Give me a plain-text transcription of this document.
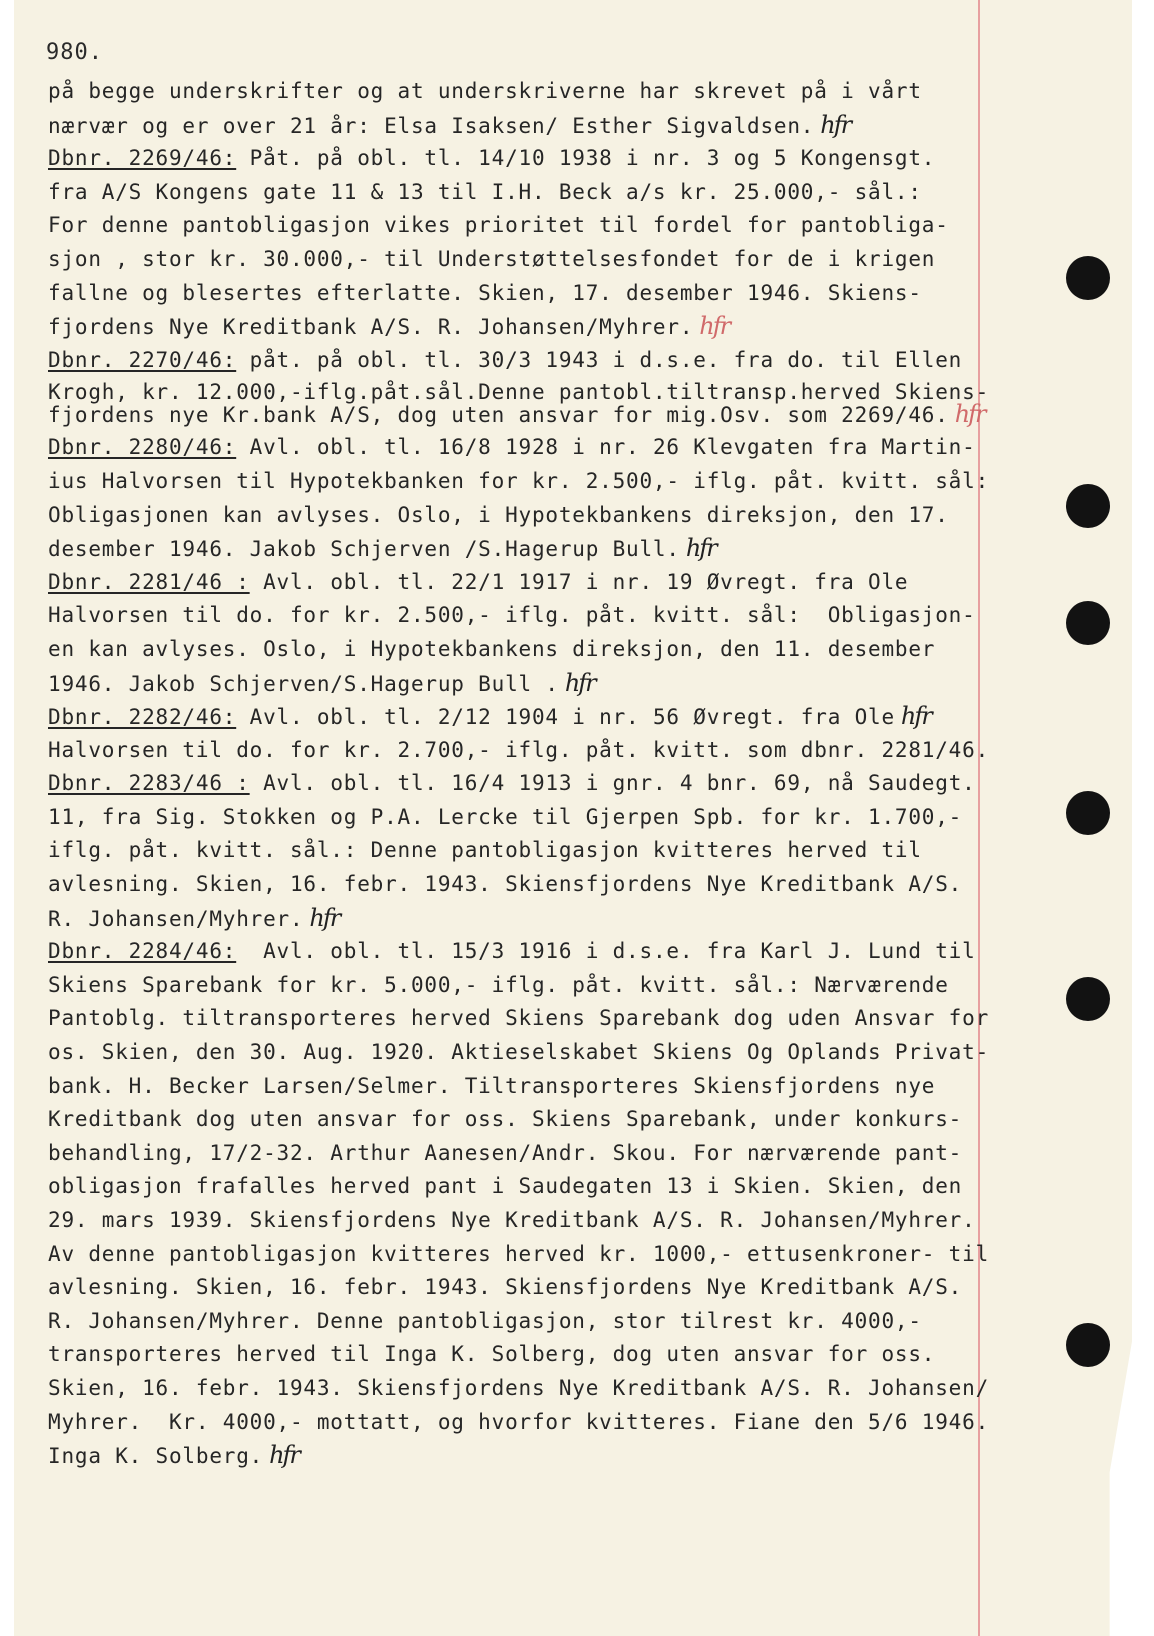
980.
på begge underskrifter og at underskriverne har skrevet på i vårt
nærvær og er over 21 år: Elsa Isaksen/ Esther Sigvaldsen. hfr
Dbnr. 2269/46: Påt. på obl. tl. 14/10 1938 i nr. 3 og 5 Kongensgt.
fra A/S Kongens gate 11 & 13 til I.H. Beck a/s kr. 25.000,- sål.:
For denne pantobligasjon vikes prioritet til fordel for pantobliga-
sjon , stor kr. 30.000,- til Understøttelsesfondet for de i krigen
fallne og blesertes efterlatte. Skien, 17. desember 1946. Skiens-
fjordens Nye Kreditbank A/S. R. Johansen/Myhrer. hfr
Dbnr. 2270/46: påt. på obl. tl. 30/3 1943 i d.s.e. fra do. til Ellen
Krogh, kr. 12.000,-iflg.påt.sål.Denne pantobl.tiltransp.herved Skiens-
fjordens nye Kr.bank A/S, dog uten ansvar for mig.Osv. som 2269/46. hfr
Dbnr. 2280/46: Avl. obl. tl. 16/8 1928 i nr. 26 Klevgaten fra Martin-
ius Halvorsen til Hypotekbanken for kr. 2.500,- iflg. påt. kvitt. sål:
Obligasjonen kan avlyses. Oslo, i Hypotekbankens direksjon, den 17.
desember 1946. Jakob Schjerven /S.Hagerup Bull. hfr
Dbnr. 2281/46 : Avl. obl. tl. 22/1 1917 i nr. 19 Øvregt. fra Ole
Halvorsen til do. for kr. 2.500,- iflg. påt. kvitt. sål:  Obligasjon-
en kan avlyses. Oslo, i Hypotekbankens direksjon, den 11. desember
1946. Jakob Schjerven/S.Hagerup Bull . hfr
Dbnr. 2282/46: Avl. obl. tl. 2/12 1904 i nr. 56 Øvregt. fra Ole hfr
Halvorsen til do. for kr. 2.700,- iflg. påt. kvitt. som dbnr. 2281/46.
Dbnr. 2283/46 : Avl. obl. tl. 16/4 1913 i gnr. 4 bnr. 69, nå Saudegt.
11, fra Sig. Stokken og P.A. Lercke til Gjerpen Spb. for kr. 1.700,-
iflg. påt. kvitt. sål.: Denne pantobligasjon kvitteres herved til
avlesning. Skien, 16. febr. 1943. Skiensfjordens Nye Kreditbank A/S.
R. Johansen/Myhrer. hfr
Dbnr. 2284/46:  Avl. obl. tl. 15/3 1916 i d.s.e. fra Karl J. Lund til
Skiens Sparebank for kr. 5.000,- iflg. påt. kvitt. sål.: Nærværende
Pantoblg. tiltransporteres herved Skiens Sparebank dog uden Ansvar for
os. Skien, den 30. Aug. 1920. Aktieselskabet Skiens Og Oplands Privat-
bank. H. Becker Larsen/Selmer. Tiltransporteres Skiensfjordens nye
Kreditbank dog uten ansvar for oss. Skiens Sparebank, under konkurs-
behandling, 17/2-32. Arthur Aanesen/Andr. Skou. For nærværende pant-
obligasjon frafalles herved pant i Saudegaten 13 i Skien. Skien, den
29. mars 1939. Skiensfjordens Nye Kreditbank A/S. R. Johansen/Myhrer.
Av denne pantobligasjon kvitteres herved kr. 1000,- ettusenkroner- til
avlesning. Skien, 16. febr. 1943. Skiensfjordens Nye Kreditbank A/S.
R. Johansen/Myhrer. Denne pantobligasjon, stor tilrest kr. 4000,-
transporteres herved til Inga K. Solberg, dog uten ansvar for oss.
Skien, 16. febr. 1943. Skiensfjordens Nye Kreditbank A/S. R. Johansen/
Myhrer.  Kr. 4000,- mottatt, og hvorfor kvitteres. Fiane den 5/6 1946.
Inga K. Solberg. hfr
